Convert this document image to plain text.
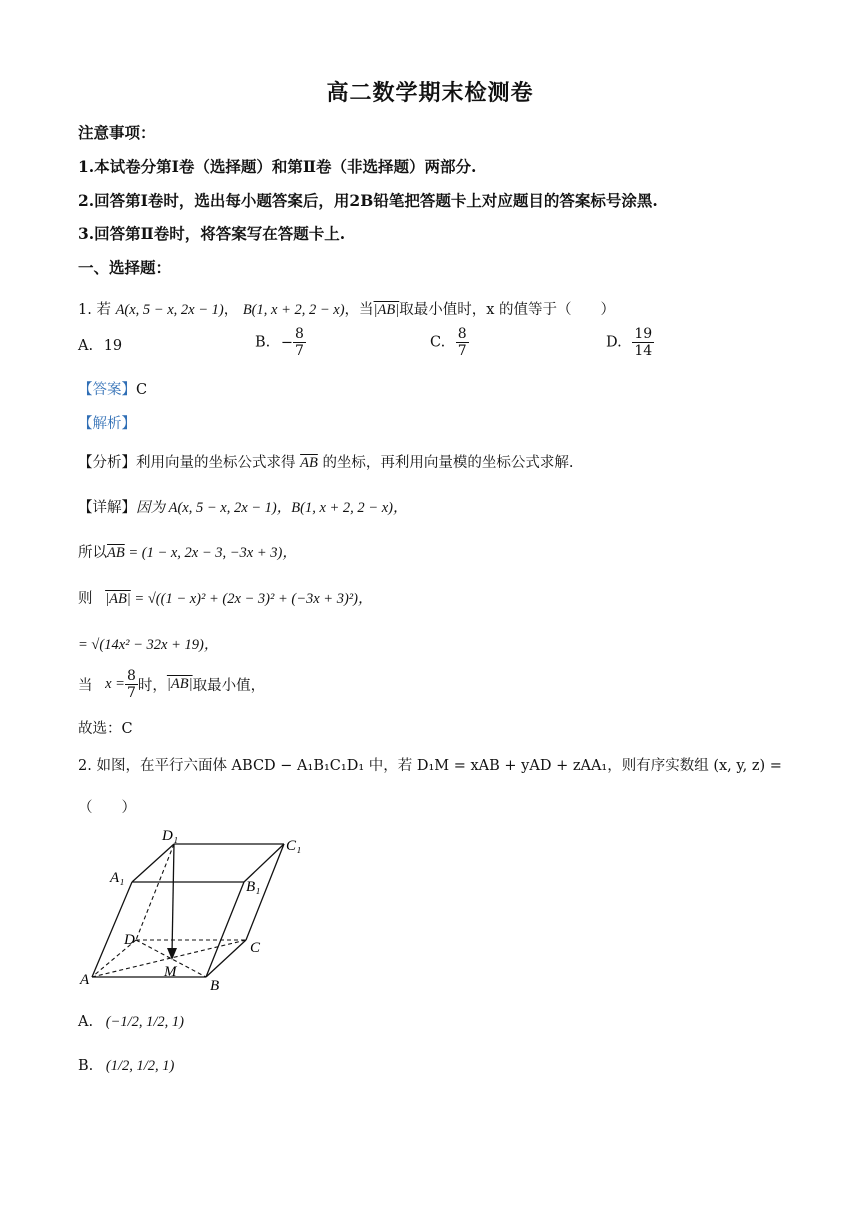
高二数学期末检测卷
注意事项：
1.本试卷分第Ⅰ卷（选择题）和第Ⅱ卷（非选择题）两部分.
2.回答第Ⅰ卷时，选出每小题答案后，用2B铅笔把答题卡上对应题目的答案标号涂黑.
3.回答第Ⅱ卷时，将答案写在答题卡上.
一、选择题：
1. 若 A(x, 5 − x, 2x − 1)， B(1, x + 2, 2 − x)，当|AB|取最小值时，x 的值等于（　　）
A. 19	B. − $\frac{8}{7}$	C. $\frac{8}{7}$	D. $\frac{19}{14}$
【答案】C
【解析】
【分析】利用向量的坐标公式求得 $\overline{AB}$ 的坐标，再利用向量模的坐标公式求解.
【详解】因为 A(x, 5 − x, 2x − 1)，B(1, x + 2, 2 − x)，
所以$\overline{AB} = (1 - x$, 2x − 3, −3x + 3)，
则 |AB| = √((1 − x)² + (2x − 3)² + (−3x + 3)²)，
= √(14x² − 32x + 19)，
当 $x = \frac{8}{7}$ 时，|AB|取最小值，
故选：C
2. 如图，在平行六面体 ABCD − A₁B₁C₁D₁ 中，若 D₁M = xAB + yAD + zAA₁，则有序实数组 (x, y, z) =
（　　）
D₁
C₁
A₁
B₁
D	C
A	M
B
A. (−1/2, 1/2, 1)
B. (1/2, 1/2, 1)
